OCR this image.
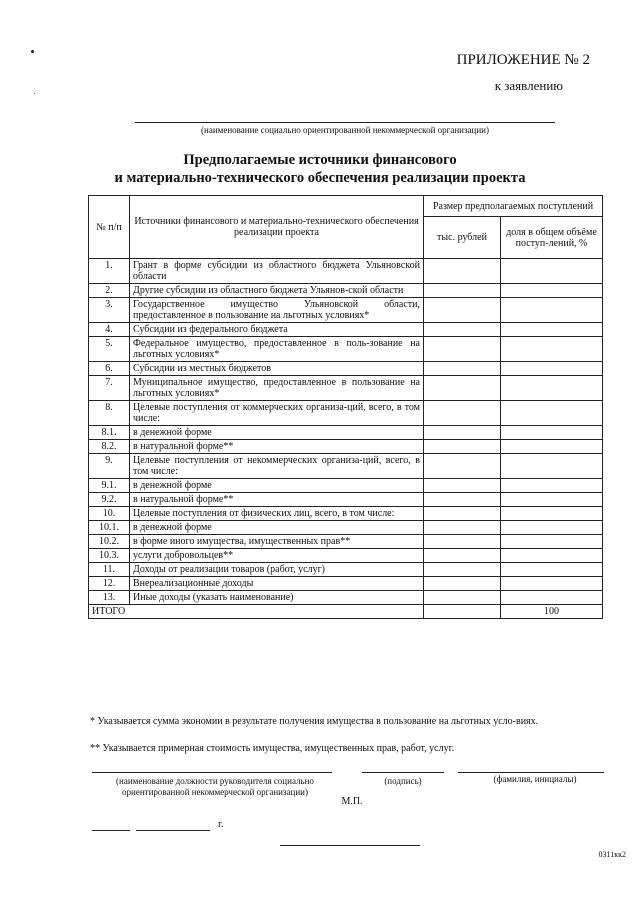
ПРИЛОЖЕНИЕ № 2
к заявлению
(наименование социально ориентированной некоммерческой организации)
Предполагаемые источники финансового
и материально-технического обеспечения реализации проекта
№ п/п	Источники финансового и материально-технического обеспечения реализации проекта	Размер предполагаемых поступлений	
		тыс. рублей	доля в общем объёме поступ-лений, %
1.	Грант в форме субсидии из областного бюджета Ульяновской области		
2.	Другие субсидии из областного бюджета Ульянов-ской области		
3.	Государственное имущество Ульяновской области, предоставленное в пользование на льготных условиях*		
4.	Субсидии из федерального бюджета		
5.	Федеральное имущество, предоставленное в поль-зование на льготных условиях*		
6.	Субсидии из местных бюджетов		
7.	Муниципальное имущество, предоставленное в пользование на льготных условиях*		
8.	Целевые поступления от коммерческих организа-ций, всего, в том числе:		
8.1.	в денежной форме		
8.2.	в натуральной форме**		
9.	Целевые поступления от некоммерческих организа-ций, всего, в том числе:		
9.1.	в денежной форме		
9.2.	в натуральной форме**		
10.	Целевые поступления от физических лиц, всего, в том числе:		
10.1.	в денежной форме		
10.2.	в форме иного имущества, имущественных прав**		
10.3.	услуги добровольцев**		
11.	Доходы от реализации товаров (работ, услуг)		
12.	Внереализационные доходы		
13.	Иные доходы (указать наименование)		
ИТОГО			100
* Указывается сумма экономии в результате получения имущества в пользование на льготных усло-виях.
** Указывается примерная стоимость имущества, имущественных прав, работ, услуг.
(наименование должности руководителя социально ориентированной некоммерческой организации)
(подпись)	(фамилия, инициалы)
М.П.
г.
0311кк2
